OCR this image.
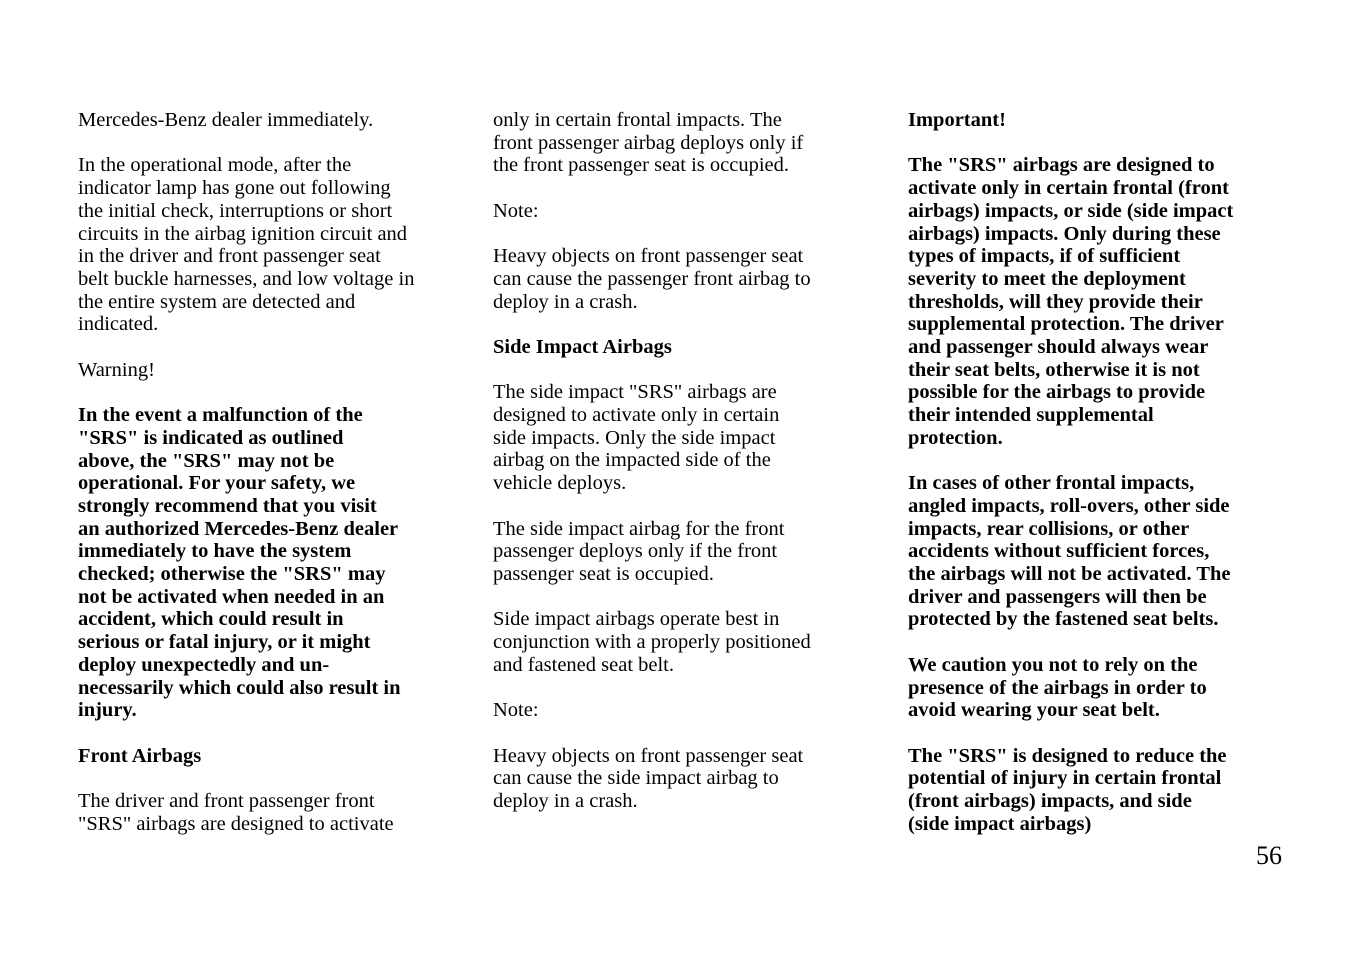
Mercedes-Benz dealer immediately.

In the operational mode, after the
indicator lamp has gone out following
the initial check, interruptions or short
circuits in the airbag ignition circuit and
in the driver and front passenger seat
belt buckle harnesses, and low voltage in
the entire system are detected and
indicated.

Warning!

In the event a malfunction of the
"SRS" is indicated as outlined
above, the "SRS" may not be
operational. For your safety, we
strongly recommend that you visit
an authorized Mercedes-Benz dealer
immediately to have the system
checked; otherwise the "SRS" may
not be activated when needed in an
accident, which could result in
serious or fatal injury, or it might
deploy unexpectedly and un-
necessarily which could also result in
injury.

Front Airbags

The driver and front passenger front
"SRS" airbags are designed to activate

only in certain frontal impacts. The
front passenger airbag deploys only if
the front passenger seat is occupied.

Note:

Heavy objects on front passenger seat
can cause the passenger front airbag to
deploy in a crash.

Side Impact Airbags

The side impact "SRS" airbags are
designed to activate only in certain
side impacts. Only the side impact
airbag on the impacted side of the
vehicle deploys.

The side impact airbag for the front
passenger deploys only if the front
passenger seat is occupied.

Side impact airbags operate best in
conjunction with a properly positioned
and fastened seat belt.

Note:

Heavy objects on front passenger seat
can cause the side impact airbag to
deploy in a crash.

Important!

The "SRS" airbags are designed to
activate only in certain frontal (front
airbags) impacts, or side (side impact
airbags) impacts. Only during these
types of impacts, if of sufficient
severity to meet the deployment
thresholds, will they provide their
supplemental protection. The driver
and passenger should always wear
their seat belts, otherwise it is not
possible for the airbags to provide
their intended supplemental
protection.

In cases of other frontal impacts,
angled impacts, roll-overs, other side
impacts, rear collisions, or other
accidents without sufficient forces,
the airbags will not be activated. The
driver and passengers will then be
protected by the fastened seat belts.

We caution you not to rely on the
presence of the airbags in order to
avoid wearing your seat belt.

The "SRS" is designed to reduce the
potential of injury in certain frontal
(front airbags) impacts, and side
(side impact airbags)

56
